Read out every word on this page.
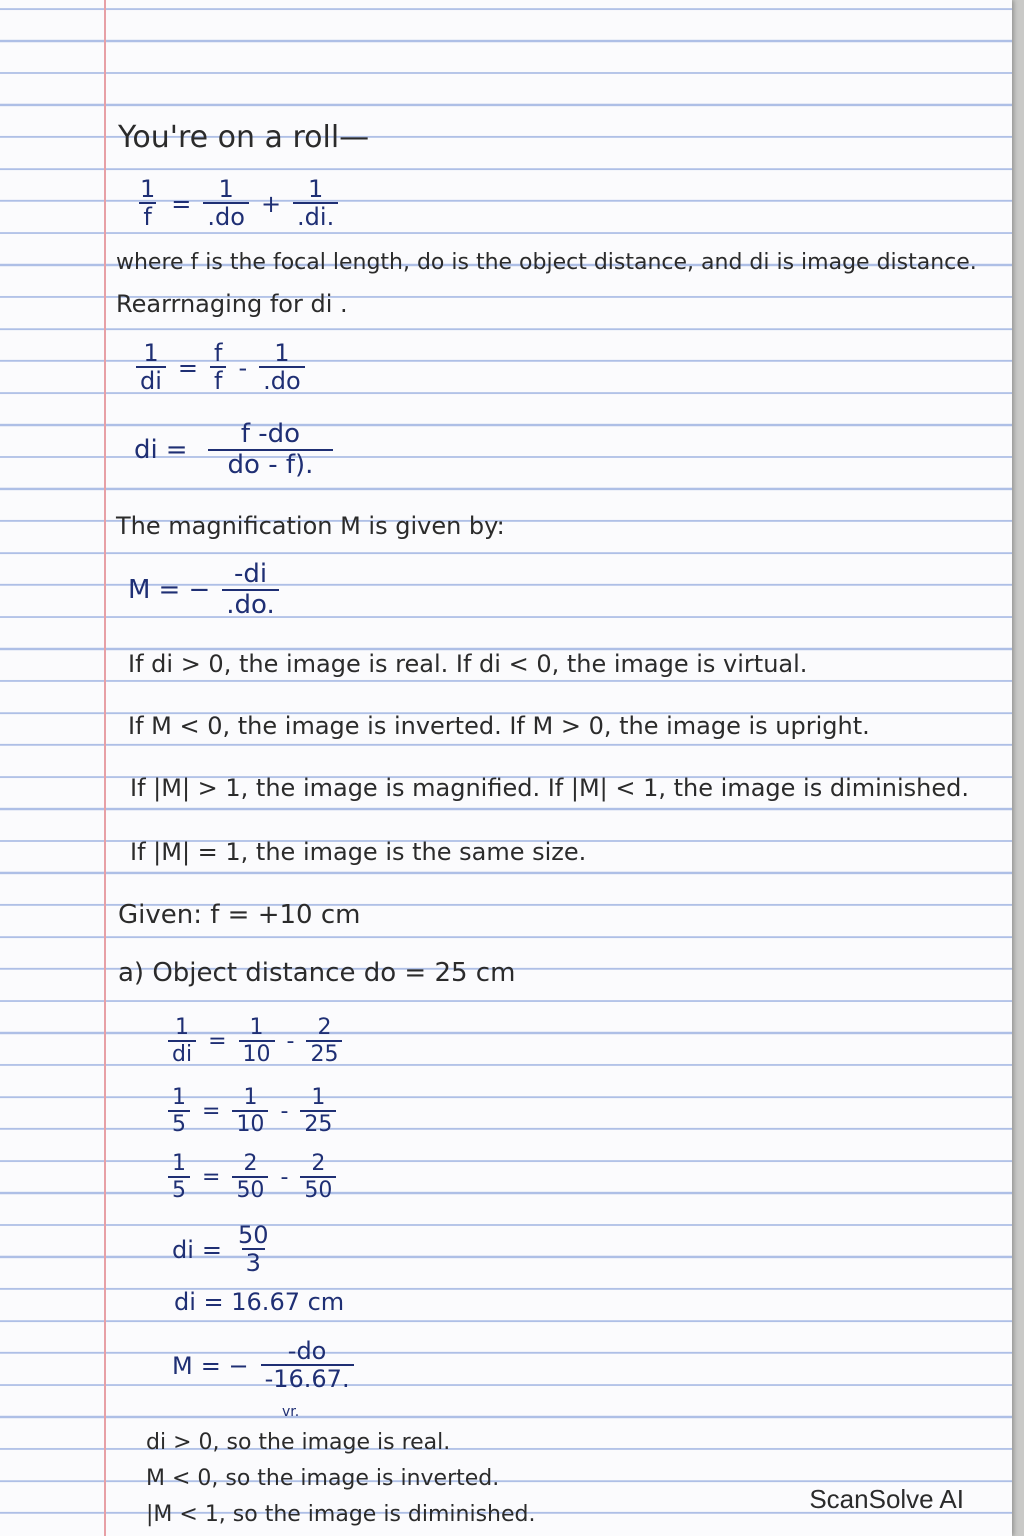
You're on a roll—
$\frac{1}{f} = \frac{1}{.do} + \frac{1}{.di.}$
where f is the focal length, do is the object distance, and di is image distance.
Rearrnaging for di .
$\frac{1}{di} = \frac{f}{f} - \frac{1}{.do}$
di = $\frac{f -do}{do - f).}$
The magnification M is given by:
M = − $\frac{-di}{.do.}$
If di > 0, the image is real. If di < 0, the image is virtual.
If M < 0, the image is inverted. If M > 0, the image is upright.
If |M| > 1, the image is magnified. If |M| < 1, the image is diminished.
If |M| = 1, the image is the same size.
Given: f = +10 cm
a) Object distance do = 25 cm
$\frac{1}{di} = \frac{1}{10} - \frac{2}{25}$
$\frac{1}{5} = \frac{1}{10} - \frac{1}{25}$
$\frac{1}{5} = \frac{2}{50} - \frac{2}{50}$
di = $\frac{50}{3}$
di = 16.67 cm
M = − $\frac{-do}{-16.67.}$
vr.
di > 0, so the image is real.
M < 0, so the image is inverted.
|M < 1, so the image is diminished.
ScanSolve AI
